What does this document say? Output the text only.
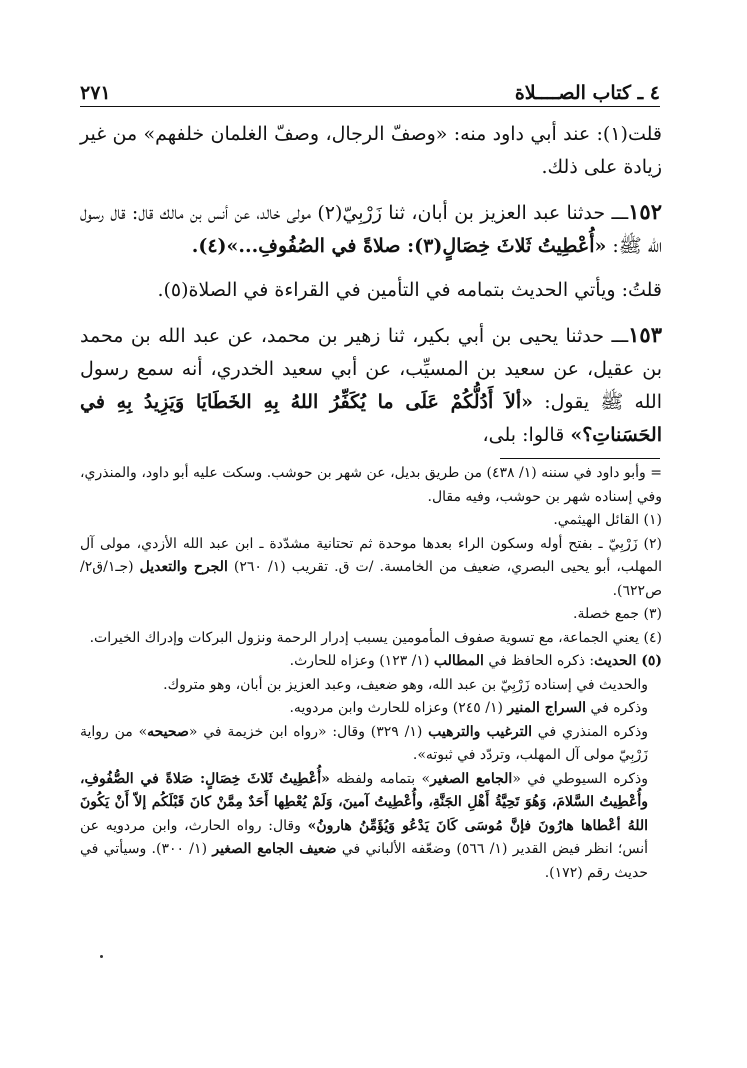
٤ ـ كتاب الصــــلاة
٢٧١

قلت(١): عند أبي داود منه: «وصفّ الرجال، وصفّ الغلمان خلفهم» من غير زيادة على ذلك.

١٥٢ـــ حدثنا عبد العزيز بن أبان، ثنا زَرْبِيّ(٢) مولى خالد، عن أنس بن مالك قال: قال رسول الله ﷺ: «أُعْطِيتُ ثَلاثَ خِصَالٍ(٣): صلاةً في الصُفُوفِ...»(٤).

قلتُ: ويأتي الحديث بتمامه في التأمين في القراءة في الصلاة(٥).

١٥٣ـــ حدثنا يحيى بن أبي بكير، ثنا زهير بن محمد، عن عبد الله بن محمد بن عقيل، عن سعيد بن المسيِّب، عن أبي سعيد الخدري، أنه سمع رسول الله ﷺ يقول: «ألاَ أَدُلُّكُمْ عَلَى ما يُكَفِّرُ اللهُ بِهِ الخَطَايَا وَيَزِيدُ بِهِ في الحَسَناتِ؟» قالوا: بلى،

= وأبو داود في سننه (١/ ٤٣٨) من طريق بديل، عن شهر بن حوشب. وسكت عليه أبو داود، والمنذري، وفي إسناده شهر بن حوشب، وفيه مقال.

(١) القائل الهيثمي.

(٢) زَرْبِيّ ـ بفتح أوله وسكون الراء بعدها موحدة ثم تحتانية مشدّدة ـ ابن عبد الله الأزدي، مولى آل المهلب، أبو يحيى البصري، ضعيف من الخامسة. /ت ق. تقريب (١/ ٢٦٠) الجرح والتعديل (جـ١/ق٢/ص٦٢٢).

(٣) جمع خصلة.

(٤) يعني الجماعة، مع تسوية صفوف المأمومين يسبب إدرار الرحمة ونزول البركات وإدراك الخيرات.

(٥) الحديث: ذكره الحافظ في المطالب (١/ ١٢٣) وعزاه للحارث.

والحديث في إسناده زَرْبِيّ بن عبد الله، وهو ضعيف، وعبد العزيز بن أبان، وهو متروك.

وذكره في السراج المنير (١/ ٢٤٥) وعزاه للحارث وابن مردويه.

وذكره المنذري في الترغيب والترهيب (١/ ٣٢٩) وقال: «رواه ابن خزيمة في «صحيحه» من رواية زَرْبِيّ مولى آل المهلب، وتردّد في ثبوته».

وذكره السيوطي في «الجامع الصغير» بتمامه ولفظه «أُعْطِيتُ ثَلاثَ خِصَالٍ: صَلاةً في الصُّفُوفِ، وأُعْطِيتُ السَّلامَ، وَهُوَ تَحِيَّةُ أَهْلِ الجَنَّةِ، وأُعْطِيتُ آمينَ، وَلَمْ يُعْطِها أَحَدٌ مِمَّنْ كانَ قَبْلَكُم إلاّ أَنْ يَكُونَ اللهُ أعْطاها هارُونَ فإنَّ مُوسَى كَانَ يَدْعُو وَيُؤَمِّنُ هارونُ» وقال: رواه الحارث، وابن مردويه عن أنس؛ انظر فيض القدير (١/ ٥٦٦) وضعّفه الألباني في ضعيف الجامع الصغير (١/ ٣٠٠). وسيأتي في حديث رقم (١٧٢).
